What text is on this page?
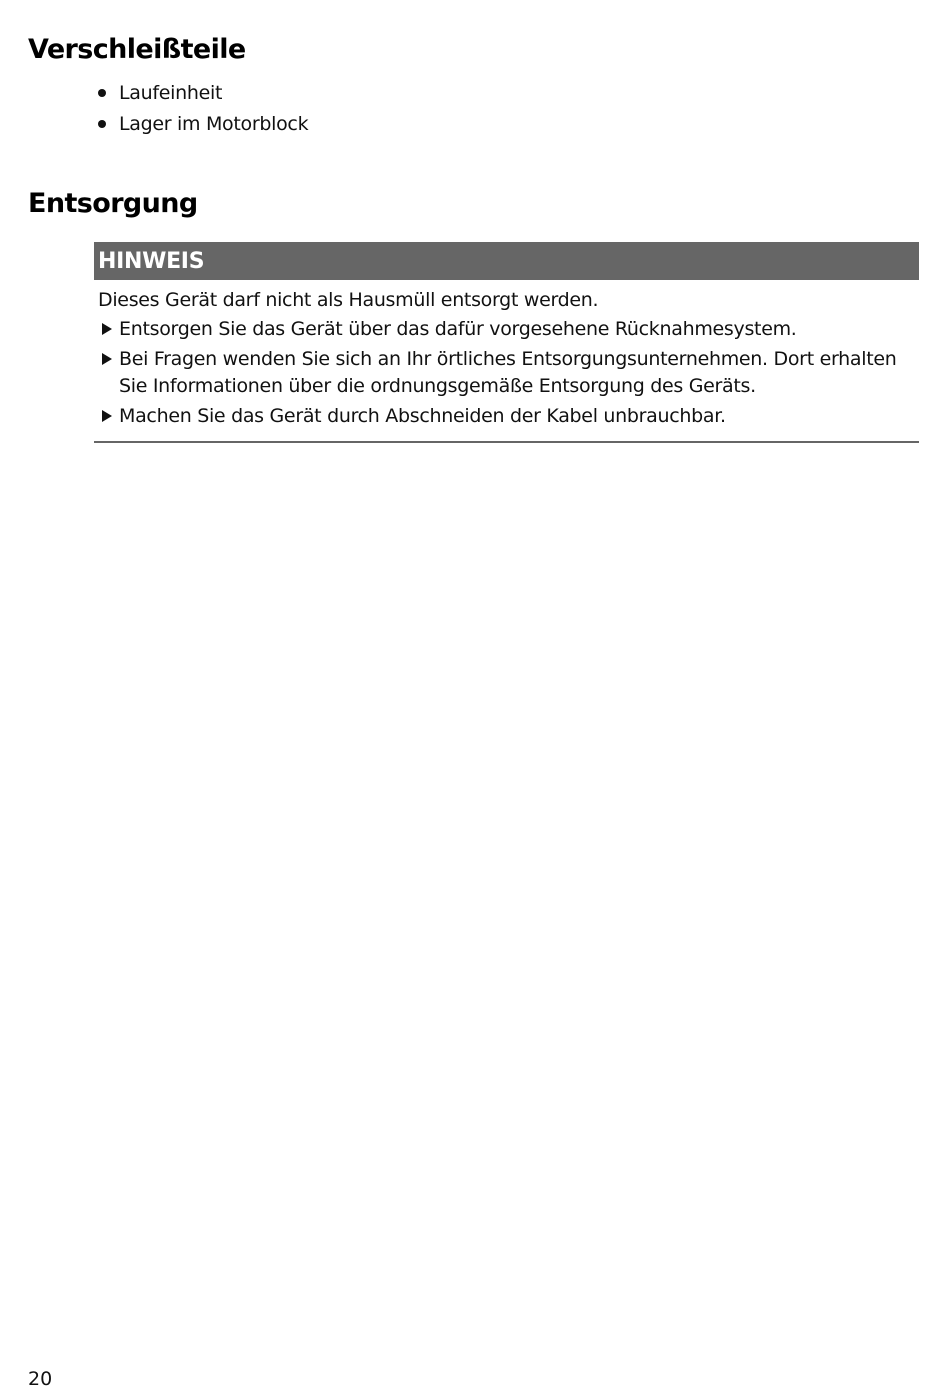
Verschleißteile
Laufeinheit
Lager im Motorblock
Entsorgung
HINWEIS

Dieses Gerät darf nicht als Hausmüll entsorgt werden.

Entsorgen Sie das Gerät über das dafür vorgesehene Rücknahmesystem.
Bei Fragen wenden Sie sich an Ihr örtliches Entsorgungsunternehmen. Dort erhalten Sie Informationen über die ordnungsgemäße Entsorgung des Geräts.
Machen Sie das Gerät durch Abschneiden der Kabel unbrauchbar.
20
